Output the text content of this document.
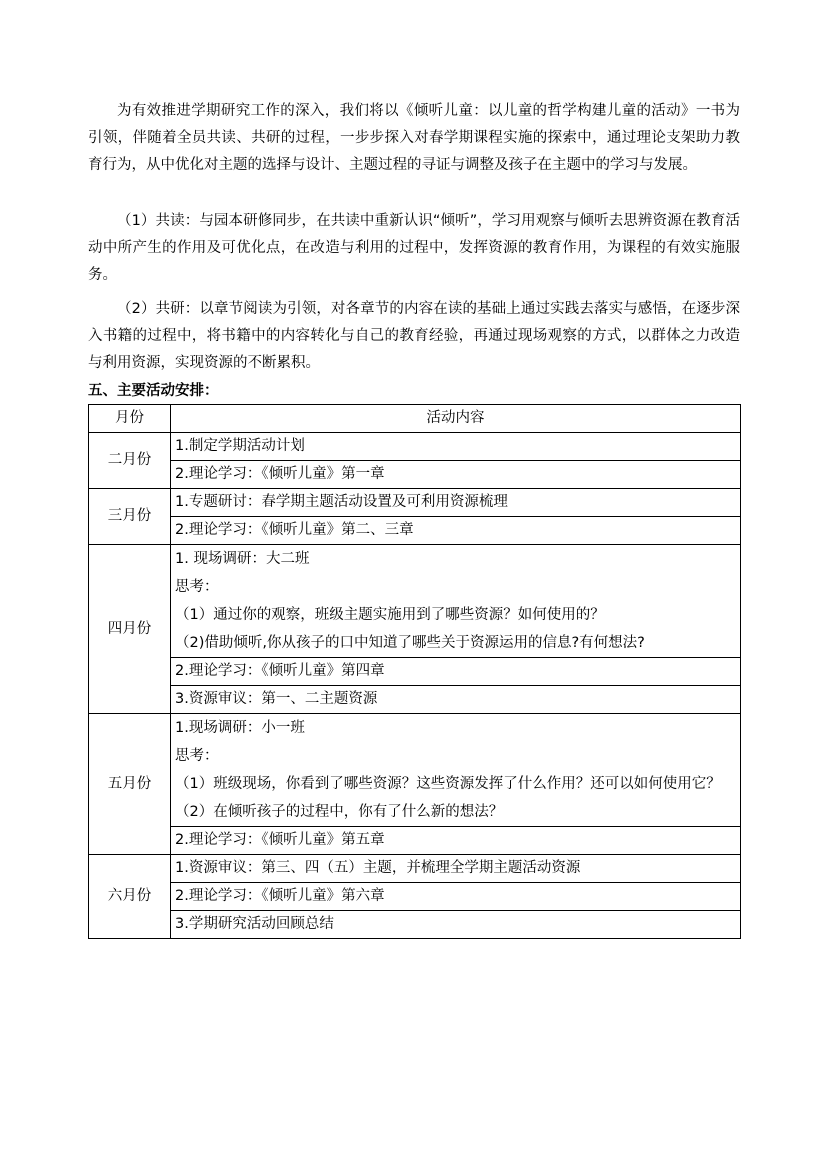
为有效推进学期研究工作的深入，我们将以《倾听儿童：以儿童的哲学构建儿童的活动》一书为引领，伴随着全员共读、共研的过程，一步步探入对春学期课程实施的探索中，通过理论支架助力教育行为，从中优化对主题的选择与设计、主题过程的寻证与调整及孩子在主题中的学习与发展。

（1）共读：与园本研修同步，在共读中重新认识“倾听”，学习用观察与倾听去思辨资源在教育活动中所产生的作用及可优化点，在改造与利用的过程中，发挥资源的教育作用，为课程的有效实施服务。

（2）共研：以章节阅读为引领，对各章节的内容在读的基础上通过实践去落实与感悟，在逐步深入书籍的过程中，将书籍中的内容转化与自己的教育经验，再通过现场观察的方式，以群体之力改造与利用资源，实现资源的不断累积。

五、主要活动安排：

月份	活动内容
二月份	1.制定学期活动计划
	2.理论学习：《倾听儿童》第一章
三月份	1.专题研讨：春学期主题活动设置及可利用资源梳理
	2.理论学习：《倾听儿童》第二、三章
四月份	1. 现场调研：大二班
思考：
（1）通过你的观察，班级主题实施用到了哪些资源？如何使用的？
（2)借助倾听,你从孩子的口中知道了哪些关于资源运用的信息?有何想法?

	2.理论学习：《倾听儿童》第四章
	3.资源审议：第一、二主题资源
五月份	1.现场调研：小一班
思考：
（1）班级现场，你看到了哪些资源？这些资源发挥了什么作用？还可以如何使用它？
（2）在倾听孩子的过程中，你有了什么新的想法？

	2.理论学习：《倾听儿童》第五章
六月份	1.资源审议：第三、四（五）主题，并梳理全学期主题活动资源
	2.理论学习：《倾听儿童》第六章
	3.学期研究活动回顾总结
